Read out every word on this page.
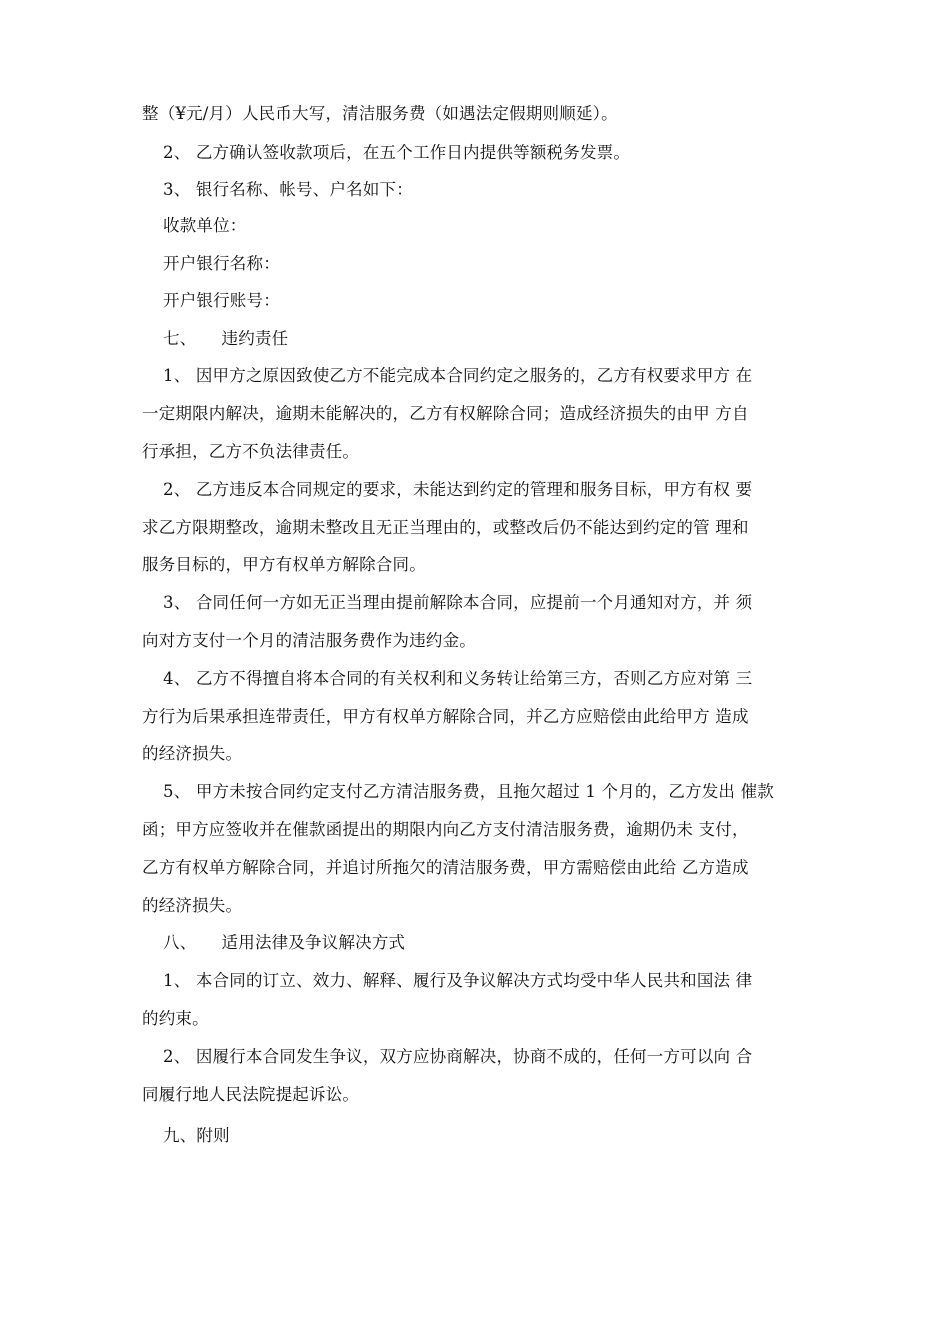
整（¥元/月）人民币大写，清洁服务费（如遇法定假期则顺延）。
2、 乙方确认签收款项后，在五个工作日内提供等额税务发票。
3、 银行名称、帐号、户名如下：
收款单位：
开户银行名称：
开户银行账号：
七、　　违约责任
1、 因甲方之原因致使乙方不能完成本合同约定之服务的，乙方有权要求甲方 在
一定期限内解决，逾期未能解决的，乙方有权解除合同；造成经济损失的由甲 方自
行承担，乙方不负法律责任。
2、 乙方违反本合同规定的要求，未能达到约定的管理和服务目标，甲方有权 要
求乙方限期整改，逾期未整改且无正当理由的，或整改后仍不能达到约定的管 理和
服务目标的，甲方有权单方解除合同。
3、 合同任何一方如无正当理由提前解除本合同，应提前一个月通知对方，并 须
向对方支付一个月的清洁服务费作为违约金。
4、 乙方不得擅自将本合同的有关权利和义务转让给第三方，否则乙方应对第 三
方行为后果承担连带责任，甲方有权单方解除合同，并乙方应赔偿由此给甲方 造成
的经济损失。
5、 甲方未按合同约定支付乙方清洁服务费，且拖欠超过 1 个月的，乙方发出 催款
函；甲方应签收并在催款函提出的期限内向乙方支付清洁服务费，逾期仍未 支付，
乙方有权单方解除合同，并追讨所拖欠的清洁服务费，甲方需赔偿由此给 乙方造成
的经济损失。
八、　　适用法律及争议解决方式
1、 本合同的订立、效力、解释、履行及争议解决方式均受中华人民共和国法 律
的约束。
2、 因履行本合同发生争议，双方应协商解决，协商不成的，任何一方可以向 合
同履行地人民法院提起诉讼。
九、附则
